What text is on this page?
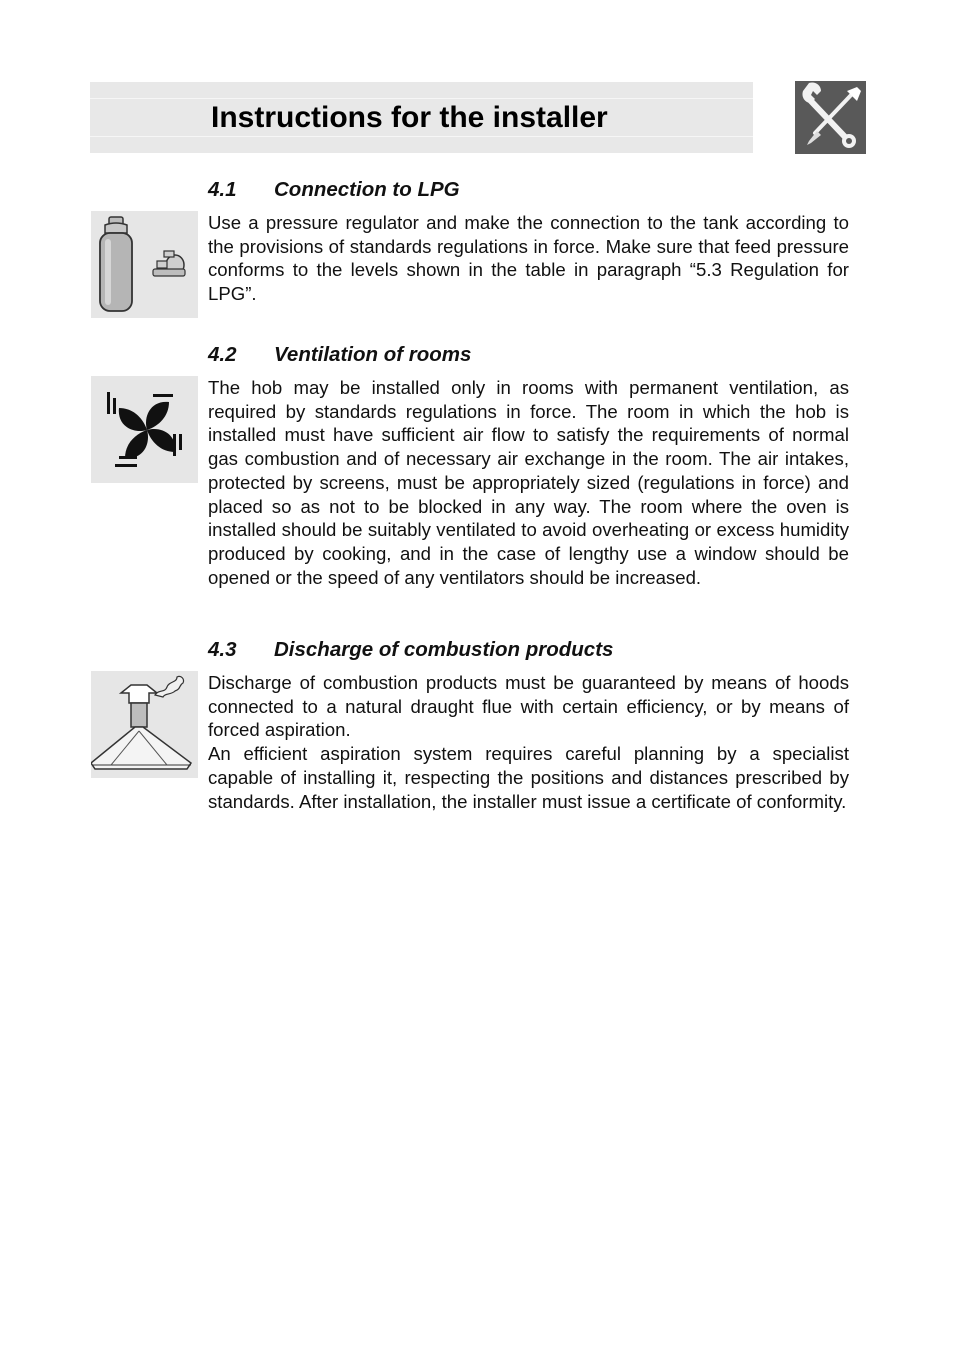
Instructions for the installer
4.1 Connection to LPG

Use a pressure regulator and make the connection to the tank according to the provisions of standards regulations in force. Make sure that feed pressure conforms to the levels shown in the table in paragraph “5.3 Regulation for LPG”.

4.2 Ventilation of rooms

The hob may be installed only in rooms with permanent ventilation, as required by standards regulations in force. The room in which the hob is installed must have sufficient air flow to satisfy the requirements of normal gas combustion and of necessary air exchange in the room. The air intakes, protected by screens, must be appropriately sized (regulations in force) and placed so as not to be blocked in any way. The room where the oven is installed should be suitably ventilated to avoid overheating or excess humidity produced by cooking, and in the case of lengthy use a window should be opened or the speed of any ventilators should be increased.

4.3 Discharge of combustion products

Discharge of combustion products must be guaranteed by means of hoods connected to a natural draught flue with certain efficiency, or by means of forced aspiration.

An efficient aspiration system requires careful planning by a specialist capable of installing it, respecting the positions and distances prescribed by standards. After installation, the installer must issue a certificate of conformity.
